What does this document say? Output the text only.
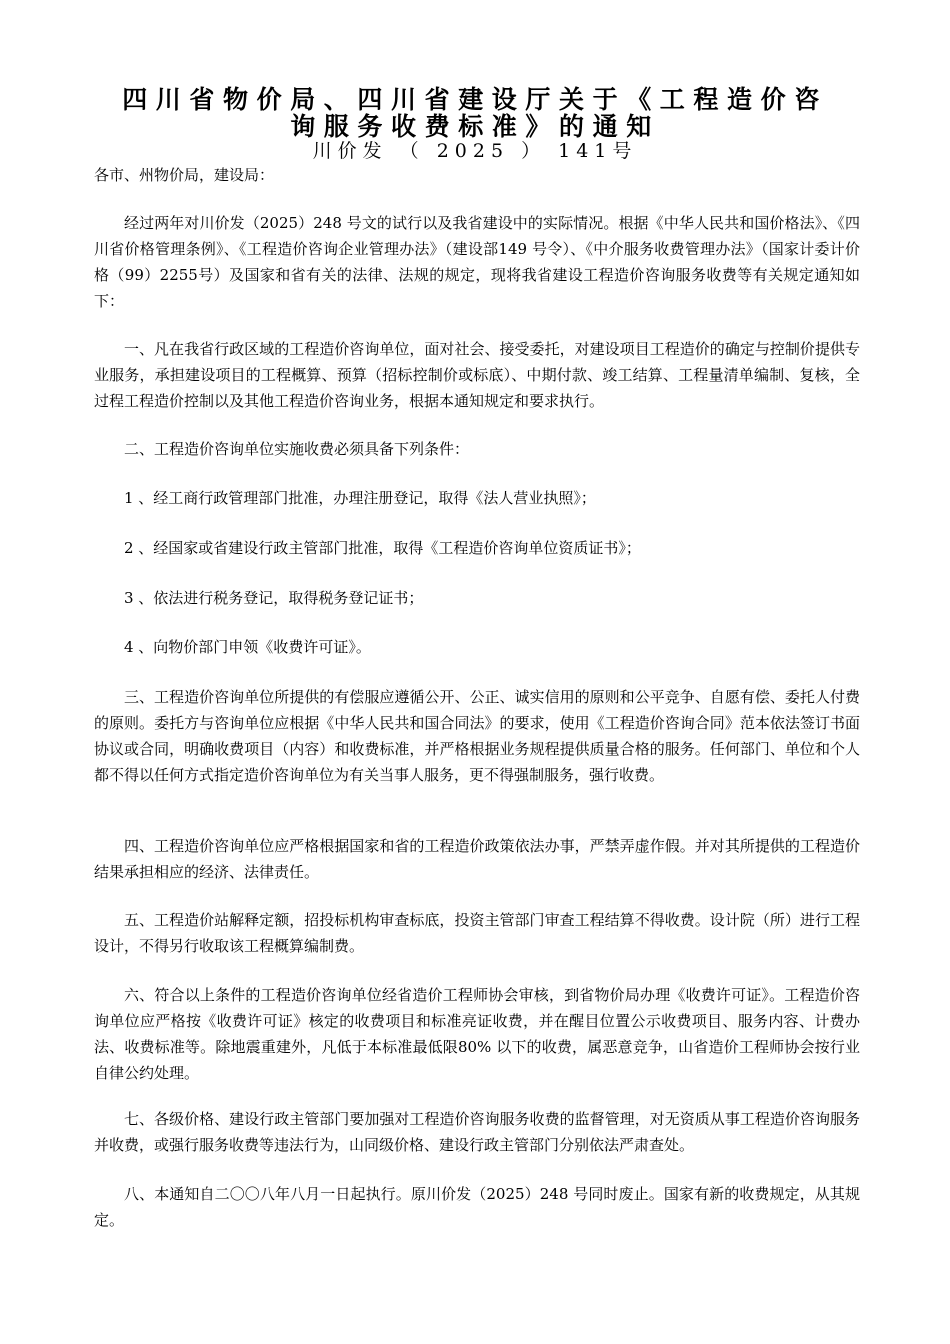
四川省物价局、四川省建设厅关于《工程造价咨
询服务收费标准》的通知
川价发 （ 2025 ） 141号

各市、州物价局，建设局：

经过两年对川价发（2025）248 号文的试行以及我省建设中的实际情况。根据《中华人民共和国价格法》、《四川省价格管理条例》、《工程造价咨询企业管理办法》（建设部149 号令）、《中介服务收费管理办法》（国家计委计价格（99）2255号）及国家和省有关的法律、法规的规定，现将我省建设工程造价咨询服务收费等有关规定通知如下：

一、凡在我省行政区域的工程造价咨询单位，面对社会、接受委托，对建设项目工程造价的确定与控制价提供专业服务，承担建设项目的工程概算、预算（招标控制价或标底）、中期付款、竣工结算、工程量清单编制、复核，全过程工程造价控制以及其他工程造价咨询业务，根据本通知规定和要求执行。

二、工程造价咨询单位实施收费必须具备下列条件：

1 、经工商行政管理部门批准，办理注册登记，取得《法人营业执照》；

2 、经国家或省建设行政主管部门批准，取得《工程造价咨询单位资质证书》；

3 、依法进行税务登记，取得税务登记证书；

4 、向物价部门申领《收费许可证》。

三、工程造价咨询单位所提供的有偿服应遵循公开、公正、诚实信用的原则和公平竞争、自愿有偿、委托人付费的原则。委托方与咨询单位应根据《中华人民共和国合同法》的要求，使用《工程造价咨询合同》范本依法签订书面协议或合同，明确收费项目（内容）和收费标准，并严格根据业务规程提供质量合格的服务。任何部门、单位和个人都不得以任何方式指定造价咨询单位为有关当事人服务，更不得强制服务，强行收费。

四、工程造价咨询单位应严格根据国家和省的工程造价政策依法办事，严禁弄虚作假。并对其所提供的工程造价结果承担相应的经济、法律责任。

五、工程造价站解释定额，招投标机构审查标底，投资主管部门审查工程结算不得收费。设计院（所）进行工程设计，不得另行收取该工程概算编制费。

六、符合以上条件的工程造价咨询单位经省造价工程师协会审核，到省物价局办理《收费许可证》。工程造价咨询单位应严格按《收费许可证》核定的收费项目和标准亮证收费，并在醒目位置公示收费项目、服务内容、计费办法、收费标准等。除地震重建外，凡低于本标准最低限80% 以下的收费，属恶意竞争，山省造价工程师协会按行业自律公约处理。

七、各级价格、建设行政主管部门要加强对工程造价咨询服务收费的监督管理，对无资质从事工程造价咨询服务并收费，或强行服务收费等违法行为，山同级价格、建设行政主管部门分别依法严肃查处。

八、本通知自二〇〇八年八月一日起执行。原川价发（2025）248 号同时废止。国家有新的收费规定，从其规定。
